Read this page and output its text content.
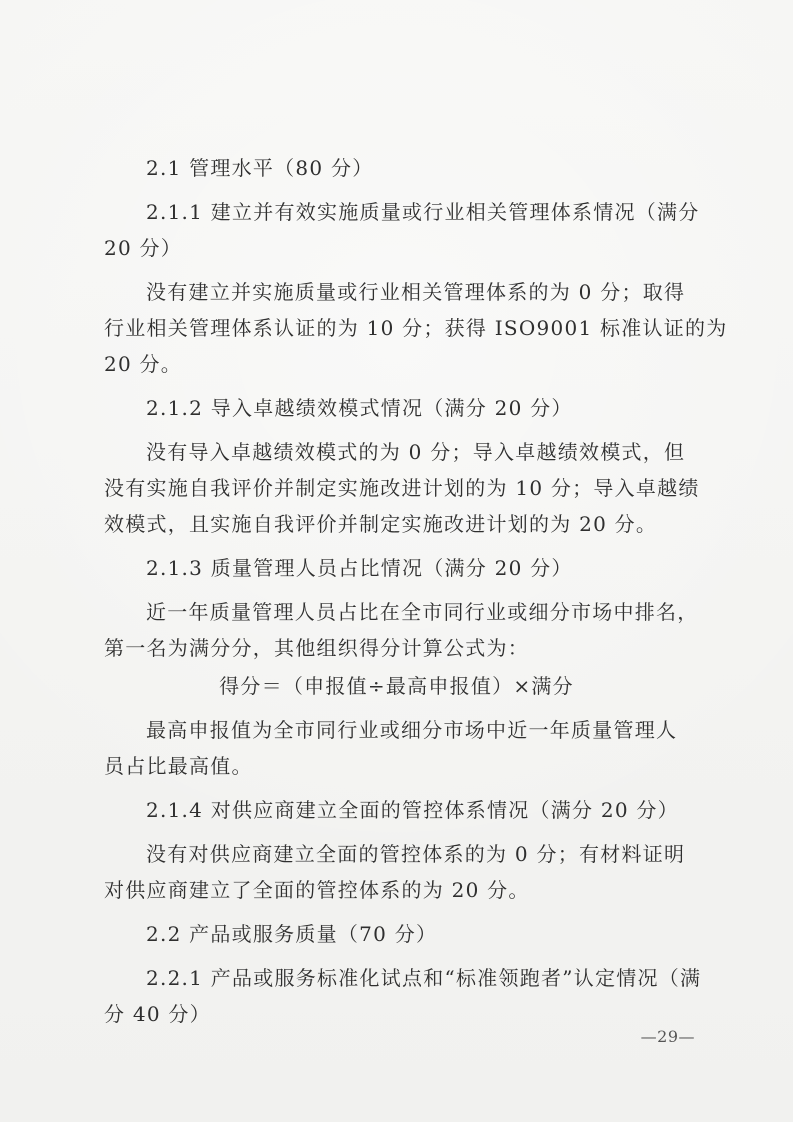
2.1 管理水平（80 分）
2.1.1 建立并有效实施质量或行业相关管理体系情况（满分
20 分）
没有建立并实施质量或行业相关管理体系的为 0 分；取得
行业相关管理体系认证的为 10 分；获得 ISO9001 标准认证的为
20 分。
2.1.2 导入卓越绩效模式情况（满分 20 分）
没有导入卓越绩效模式的为 0 分；导入卓越绩效模式，但
没有实施自我评价并制定实施改进计划的为 10 分；导入卓越绩
效模式，且实施自我评价并制定实施改进计划的为 20 分。
2.1.3 质量管理人员占比情况（满分 20 分）
近一年质量管理人员占比在全市同行业或细分市场中排名，
第一名为满分分，其他组织得分计算公式为：
得分＝（申报值÷最高申报值）×满分
最高申报值为全市同行业或细分市场中近一年质量管理人
员占比最高值。
2.1.4 对供应商建立全面的管控体系情况（满分 20 分）
没有对供应商建立全面的管控体系的为 0 分；有材料证明
对供应商建立了全面的管控体系的为 20 分。
2.2 产品或服务质量（70 分）
2.2.1 产品或服务标准化试点和“标准领跑者”认定情况（满
分 40 分）
—29—
